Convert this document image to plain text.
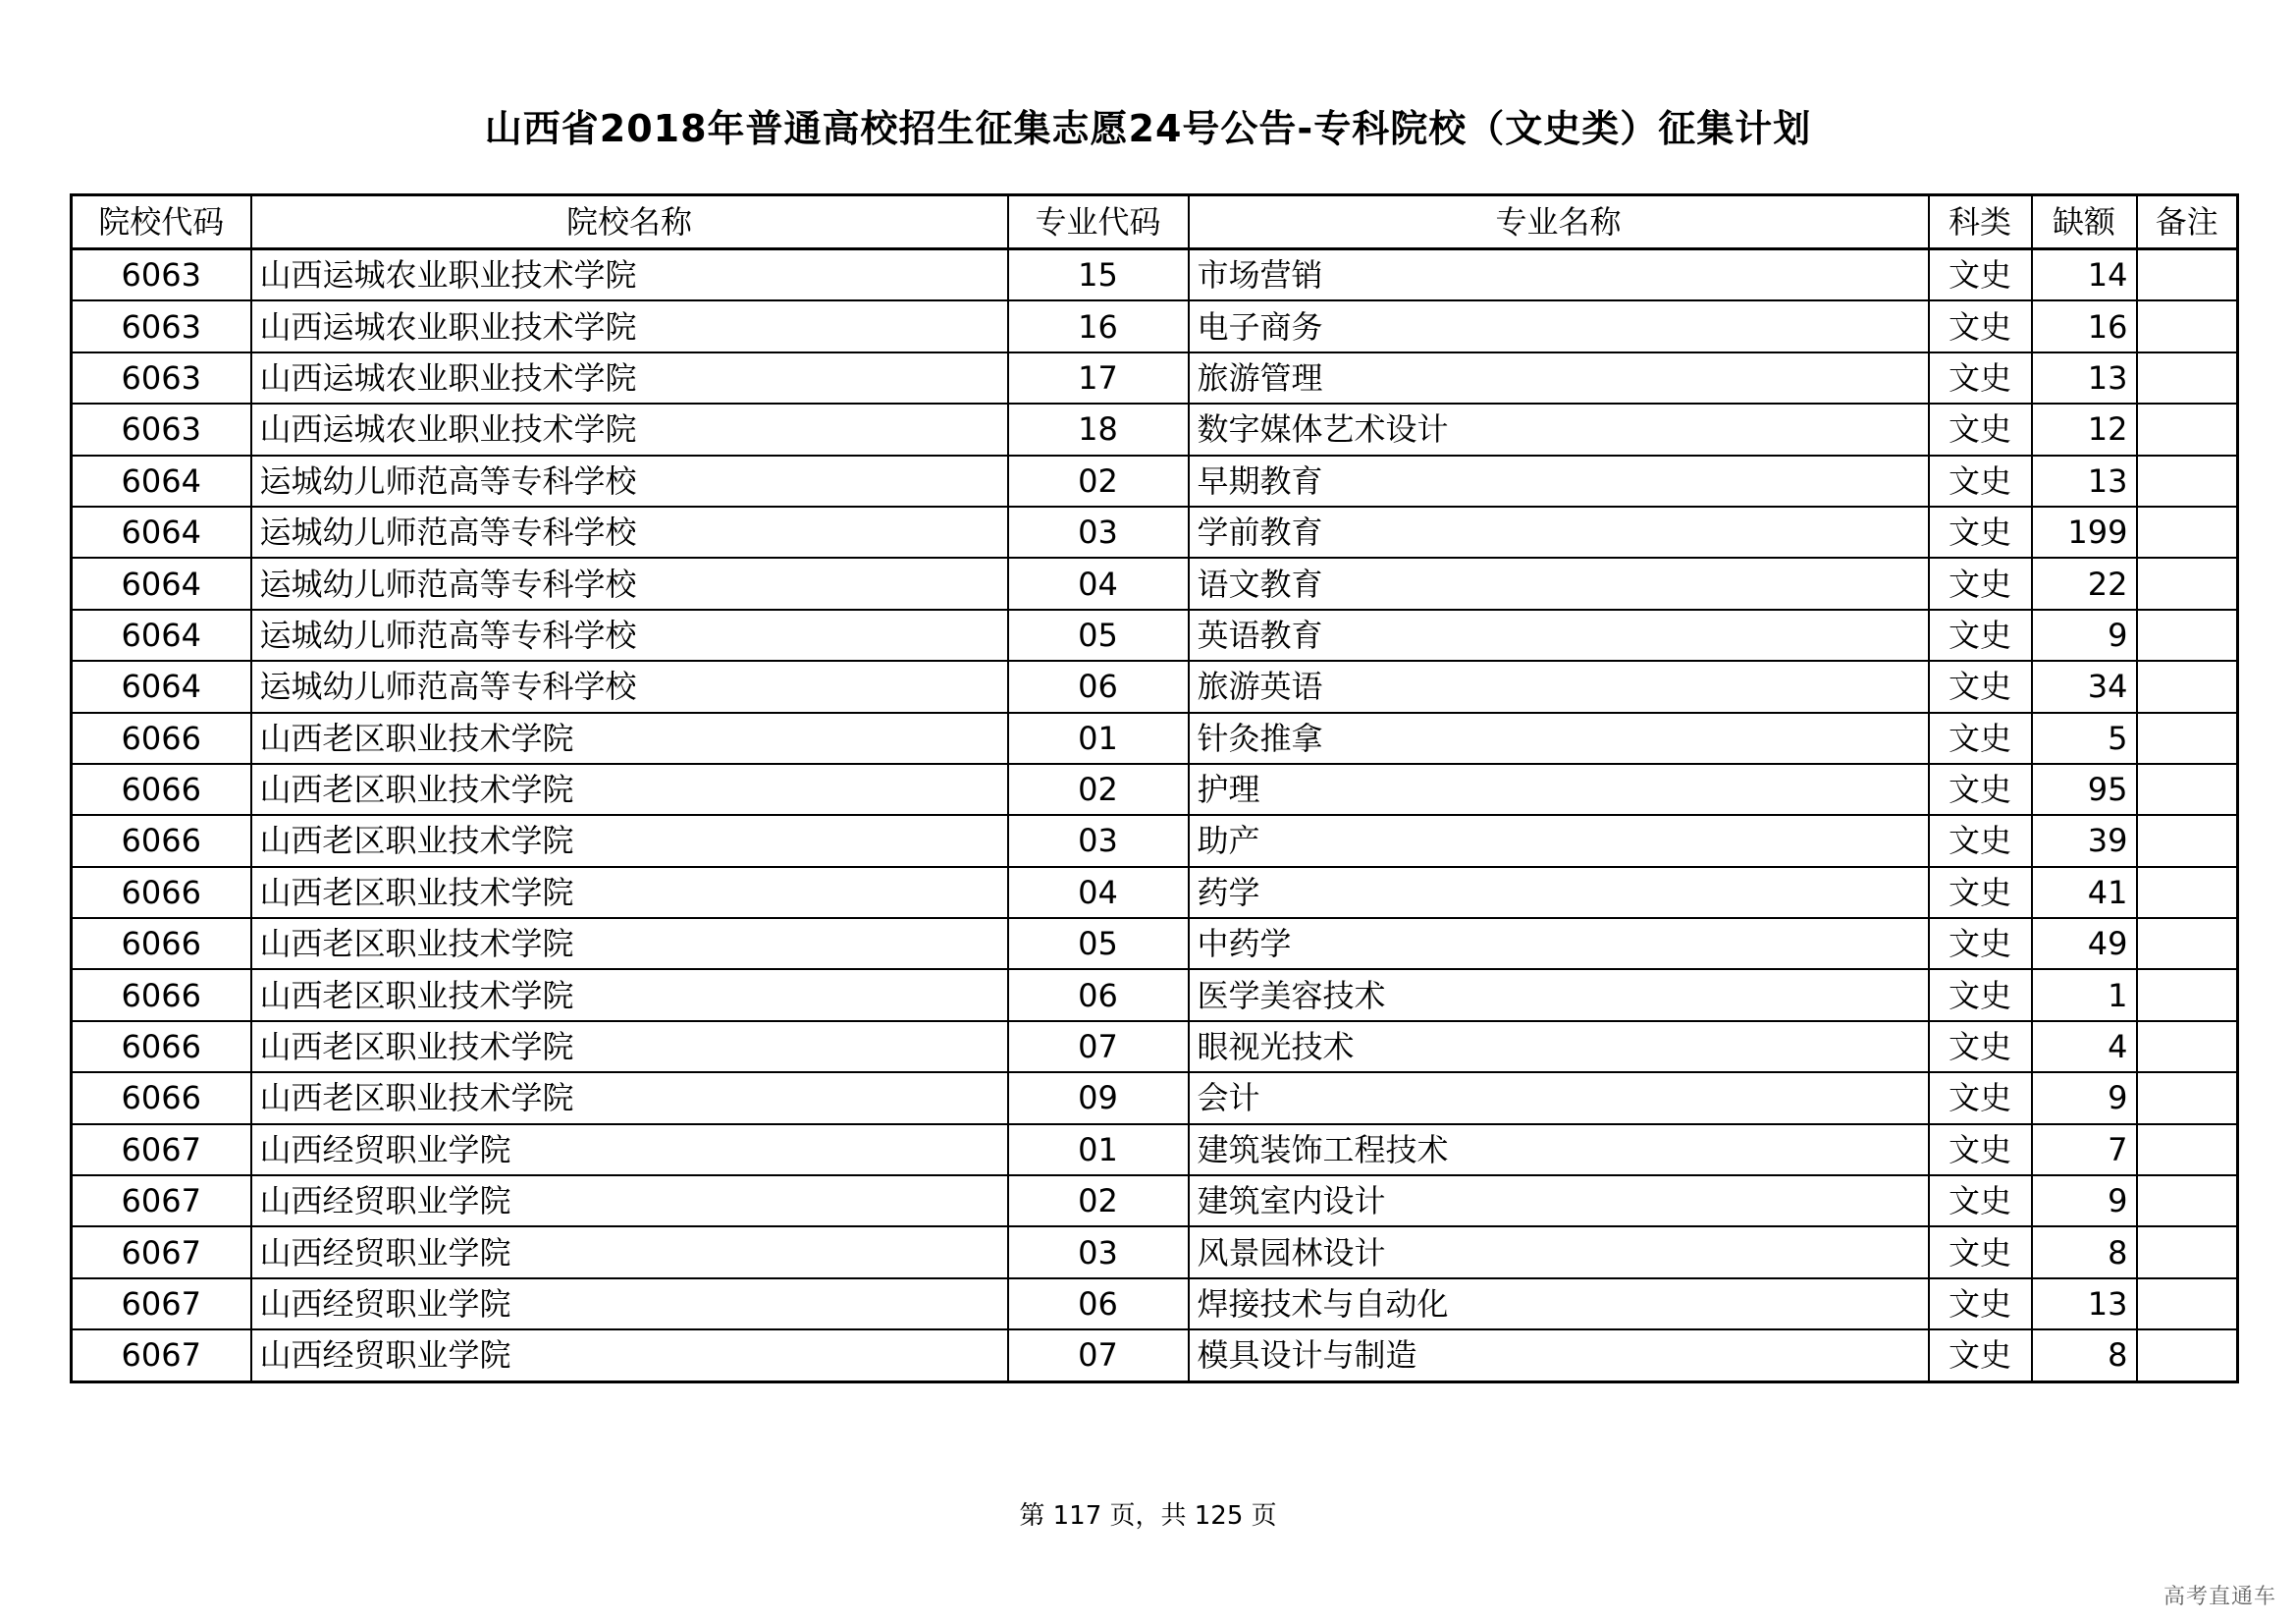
山西省2018年普通高校招生征集志愿24号公告-专科院校（文史类）征集计划
院校代码	院校名称	专业代码	专业名称	科类	缺额	备注
6063	山西运城农业职业技术学院	15	市场营销	文史	14	
6063	山西运城农业职业技术学院	16	电子商务	文史	16	
6063	山西运城农业职业技术学院	17	旅游管理	文史	13	
6063	山西运城农业职业技术学院	18	数字媒体艺术设计	文史	12	
6064	运城幼儿师范高等专科学校	02	早期教育	文史	13	
6064	运城幼儿师范高等专科学校	03	学前教育	文史	199	
6064	运城幼儿师范高等专科学校	04	语文教育	文史	22	
6064	运城幼儿师范高等专科学校	05	英语教育	文史	9	
6064	运城幼儿师范高等专科学校	06	旅游英语	文史	34	
6066	山西老区职业技术学院	01	针灸推拿	文史	5	
6066	山西老区职业技术学院	02	护理	文史	95	
6066	山西老区职业技术学院	03	助产	文史	39	
6066	山西老区职业技术学院	04	药学	文史	41	
6066	山西老区职业技术学院	05	中药学	文史	49	
6066	山西老区职业技术学院	06	医学美容技术	文史	1	
6066	山西老区职业技术学院	07	眼视光技术	文史	4	
6066	山西老区职业技术学院	09	会计	文史	9	
6067	山西经贸职业学院	01	建筑装饰工程技术	文史	7	
6067	山西经贸职业学院	02	建筑室内设计	文史	9	
6067	山西经贸职业学院	03	风景园林设计	文史	8	
6067	山西经贸职业学院	06	焊接技术与自动化	文史	13	
6067	山西经贸职业学院	07	模具设计与制造	文史	8	
第 117 页，共 125 页
高考直通车
